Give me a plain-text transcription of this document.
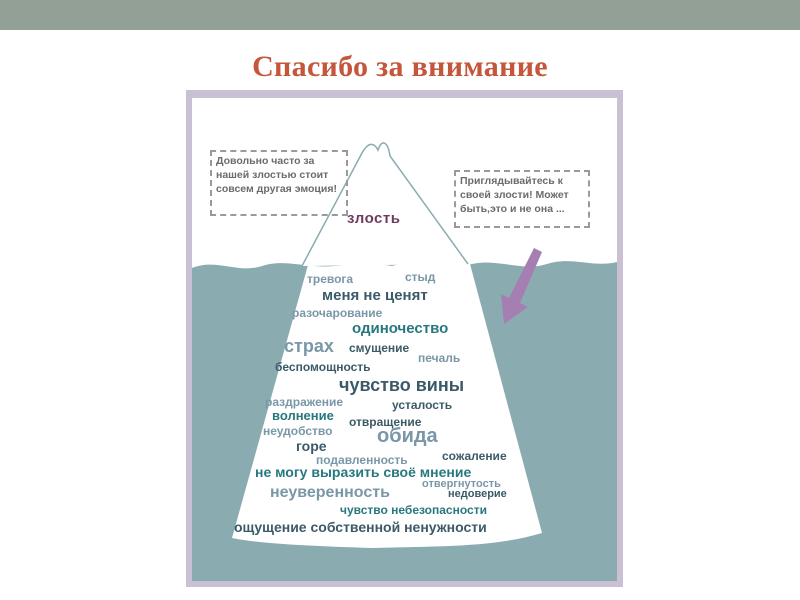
Спасибо за внимание
Довольно часто за нашей злостью стоит совсем другая эмоция!
Приглядывайтесь к своей злости! Может быть,это и не она ...
злость
тревога	стыд
меня не ценят
разочарование
одиночество
страх смущение
печаль
беспомощность
чувство вины
раздражение	усталость
волнение отвращение
неудобство обида
горе
подавленность	сожаление
не могу выразить своё мнение
отвергнутость
неуверенность	недоверие
чувство небезопасности
ощущение собственной ненужности
